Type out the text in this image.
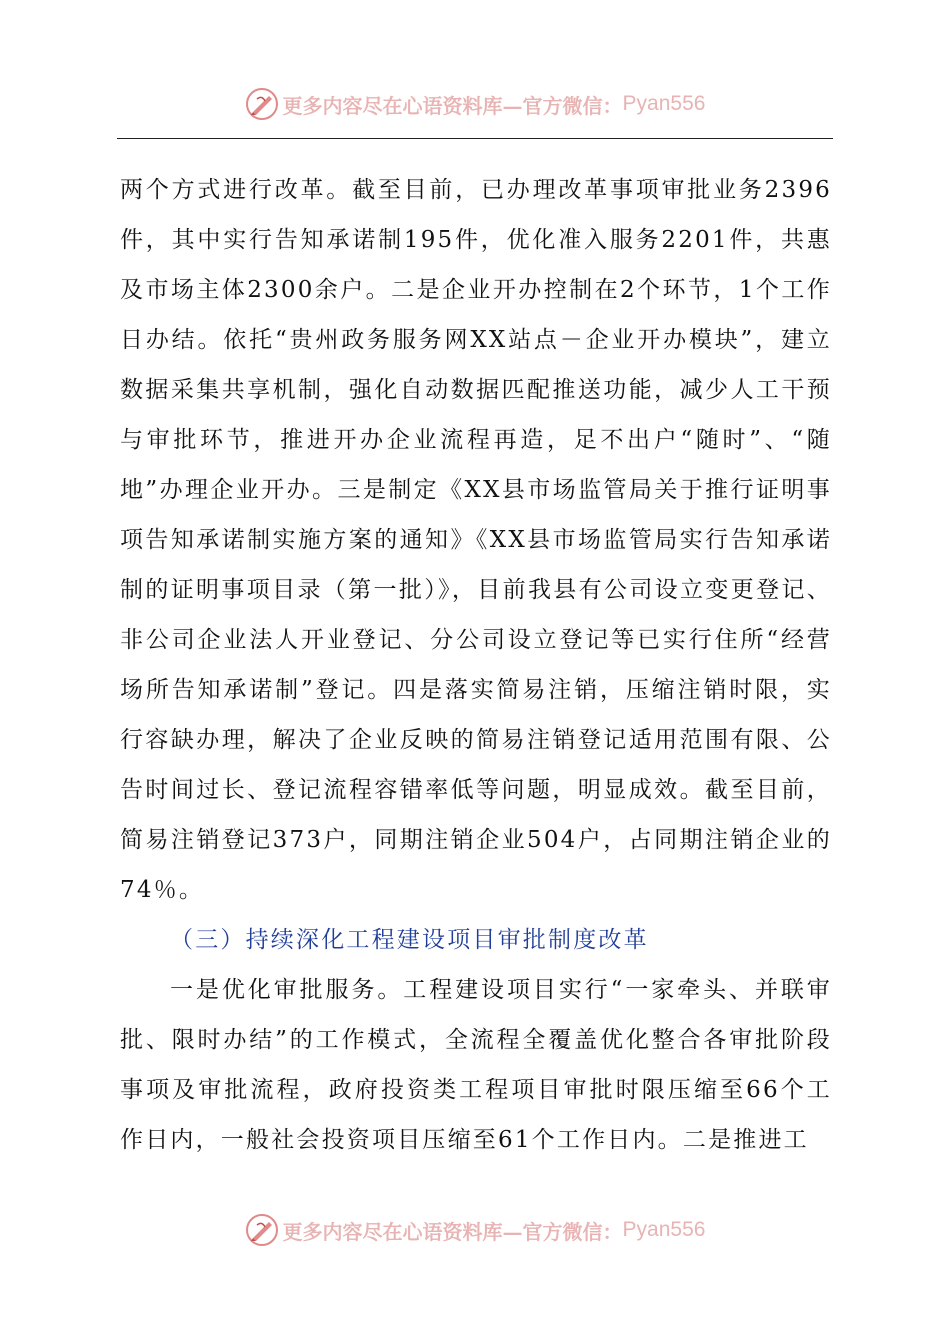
更多内容尽在心语资料库—官方微信： Pyan556

两个方式进行改革。截至目前，已办理改革事项审批业务2396件，其中实行告知承诺制195件，优化准入服务2201件，共惠及市场主体2300余户。二是企业开办控制在2个环节，1个工作日办结。依托“贵州政务服务网XX站点－企业开办模块”，建立数据采集共享机制，强化自动数据匹配推送功能，减少人工干预与审批环节，推进开办企业流程再造，足不出户“随时”、“随地”办理企业开办。三是制定《XX县市场监管局关于推行证明事项告知承诺制实施方案的通知》《XX县市场监管局实行告知承诺制的证明事项目录（第一批）》，目前我县有公司设立变更登记、非公司企业法人开业登记、分公司设立登记等已实行住所“经营场所告知承诺制”登记。四是落实简易注销，压缩注销时限，实行容缺办理，解决了企业反映的简易注销登记适用范围有限、公告时间过长、登记流程容错率低等问题，明显成效。截至目前，简易注销登记373户，同期注销企业504户，占同期注销企业的74％。

（三）持续深化工程建设项目审批制度改革

一是优化审批服务。工程建设项目实行“一家牵头、并联审批、限时办结”的工作模式，全流程全覆盖优化整合各审批阶段事项及审批流程，政府投资类工程项目审批时限压缩至66个工作日内，一般社会投资项目压缩至61个工作日内。二是推进工

更多内容尽在心语资料库—官方微信： Pyan556
